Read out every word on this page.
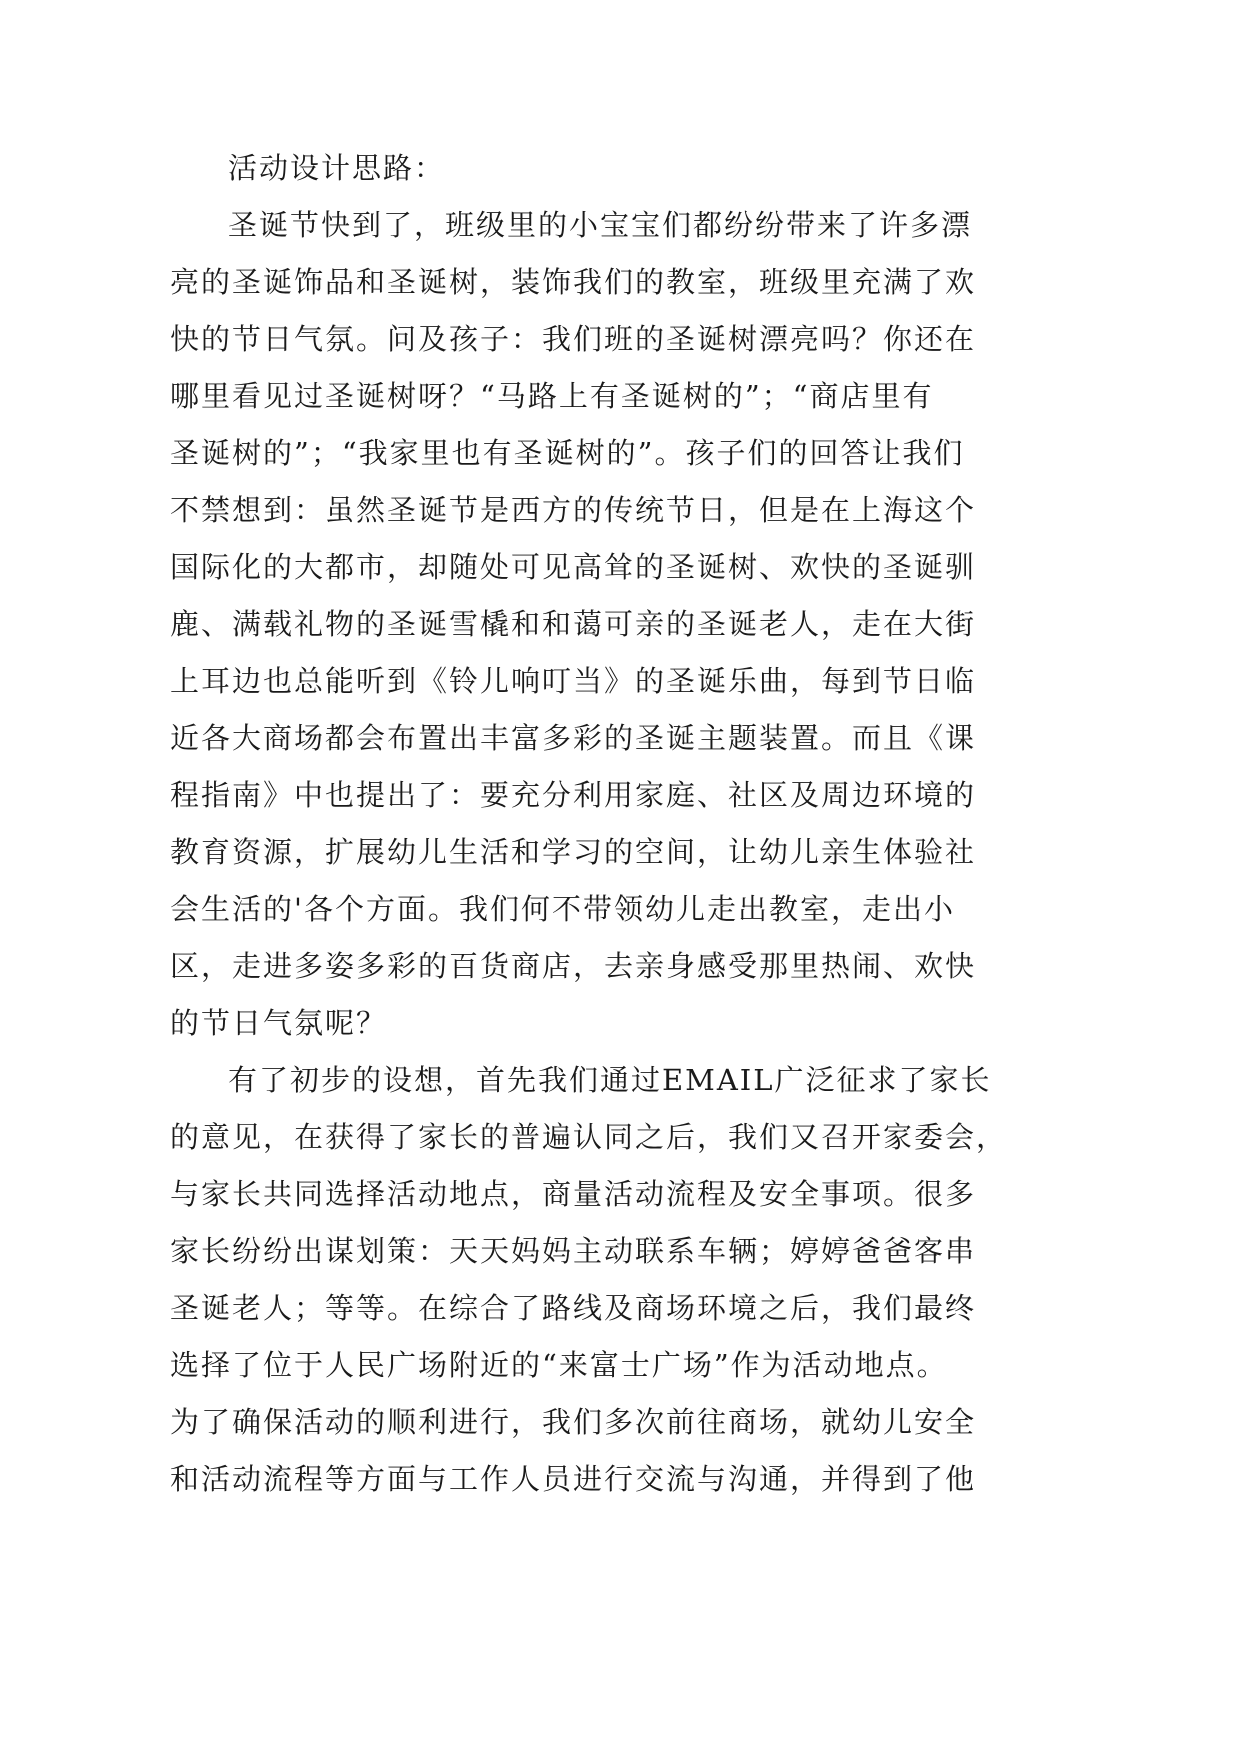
活动设计思路：
圣诞节快到了，班级里的小宝宝们都纷纷带来了许多漂
亮的圣诞饰品和圣诞树，装饰我们的教室，班级里充满了欢
快的节日气氛。问及孩子：我们班的圣诞树漂亮吗？你还在
哪里看见过圣诞树呀？“马路上有圣诞树的”；“商店里有
圣诞树的”；“我家里也有圣诞树的”。孩子们的回答让我们
不禁想到：虽然圣诞节是西方的传统节日，但是在上海这个
国际化的大都市，却随处可见高耸的圣诞树、欢快的圣诞驯
鹿、满载礼物的圣诞雪橇和和蔼可亲的圣诞老人，走在大街
上耳边也总能听到《铃儿响叮当》的圣诞乐曲，每到节日临
近各大商场都会布置出丰富多彩的圣诞主题装置。而且《课
程指南》中也提出了：要充分利用家庭、社区及周边环境的
教育资源，扩展幼儿生活和学习的空间，让幼儿亲生体验社
会生活的'各个方面。我们何不带领幼儿走出教室，走出小
区，走进多姿多彩的百货商店，去亲身感受那里热闹、欢快
的节日气氛呢？
有了初步的设想，首先我们通过EMAIL广泛征求了家长
的意见，在获得了家长的普遍认同之后，我们又召开家委会，
与家长共同选择活动地点，商量活动流程及安全事项。很多
家长纷纷出谋划策：天天妈妈主动联系车辆；婷婷爸爸客串
圣诞老人；等等。在综合了路线及商场环境之后，我们最终
选择了位于人民广场附近的“来富士广场”作为活动地点。
为了确保活动的顺利进行，我们多次前往商场，就幼儿安全
和活动流程等方面与工作人员进行交流与沟通，并得到了他
